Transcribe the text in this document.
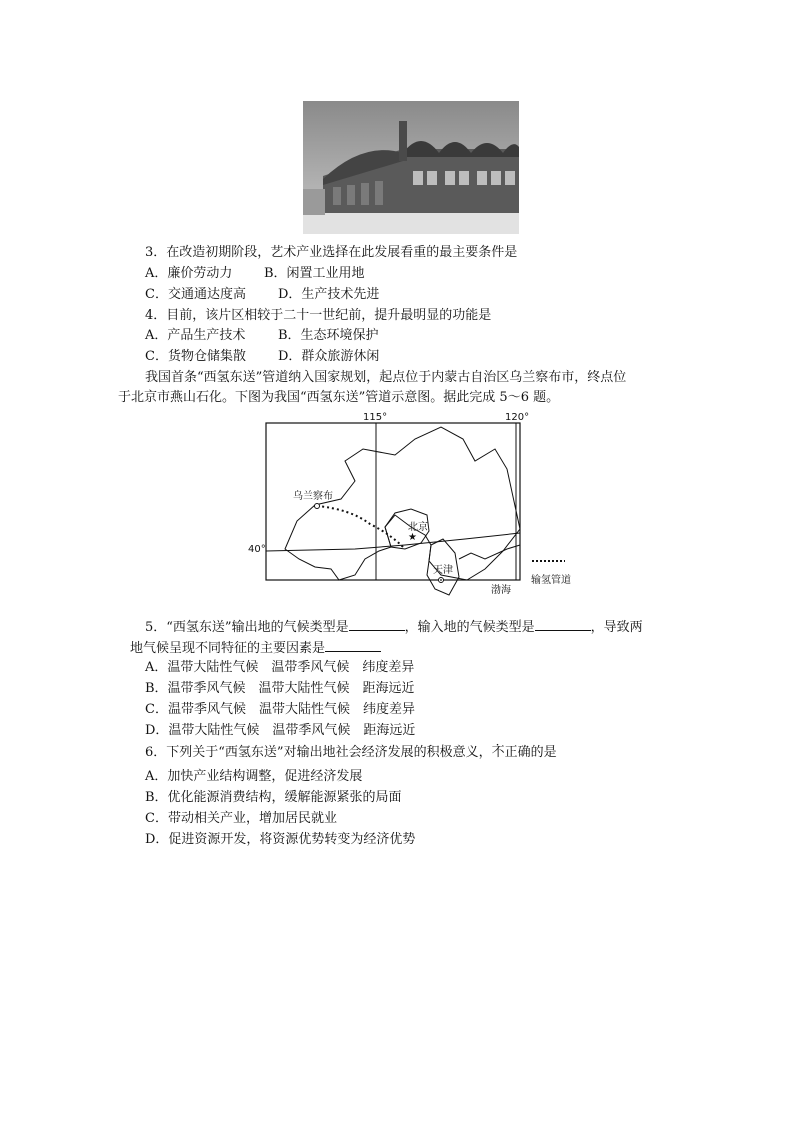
3．在改造初期阶段，艺术产业选择在此发展看重的最主要条件是
A．廉价劳动力 B．闲置工业用地
C．交通通达度高 D．生产技术先进
4．目前，该片区相较于二十一世纪前，提升最明显的功能是
A．产品生产技术	B．生态环境保护
C．货物仓储集散 D．群众旅游休闲
我国首条“西氢东送”管道纳入国家规划，起点位于内蒙古自治区乌兰察布市，终点位
于北京市燕山石化。下图为我国“西氢东送”管道示意图。据此完成 5～6 题。
115°	120°
40°
乌兰察布
★
北京
天津
渤海
输氢管道
5．“西氢东送”输出地的气候类型是	，输入地的气候类型是	，导致两
地气候呈现不同特征的主要因素是
A．温带大陆性气候　温带季风气候　纬度差异
B．温带季风气候　温带大陆性气候　距海远近
C．温带季风气候　温带大陆性气候　纬度差异
D．温带大陆性气候　温带季风气候　距海远近
6．下列关于“西氢东送”对输出地社会经济发展的积极意义，不正确的是
A．加快产业结构调整，促进经济发展
B．优化能源消费结构，缓解能源紧张的局面
C．带动相关产业，增加居民就业
D．促进资源开发，将资源优势转变为经济优势
